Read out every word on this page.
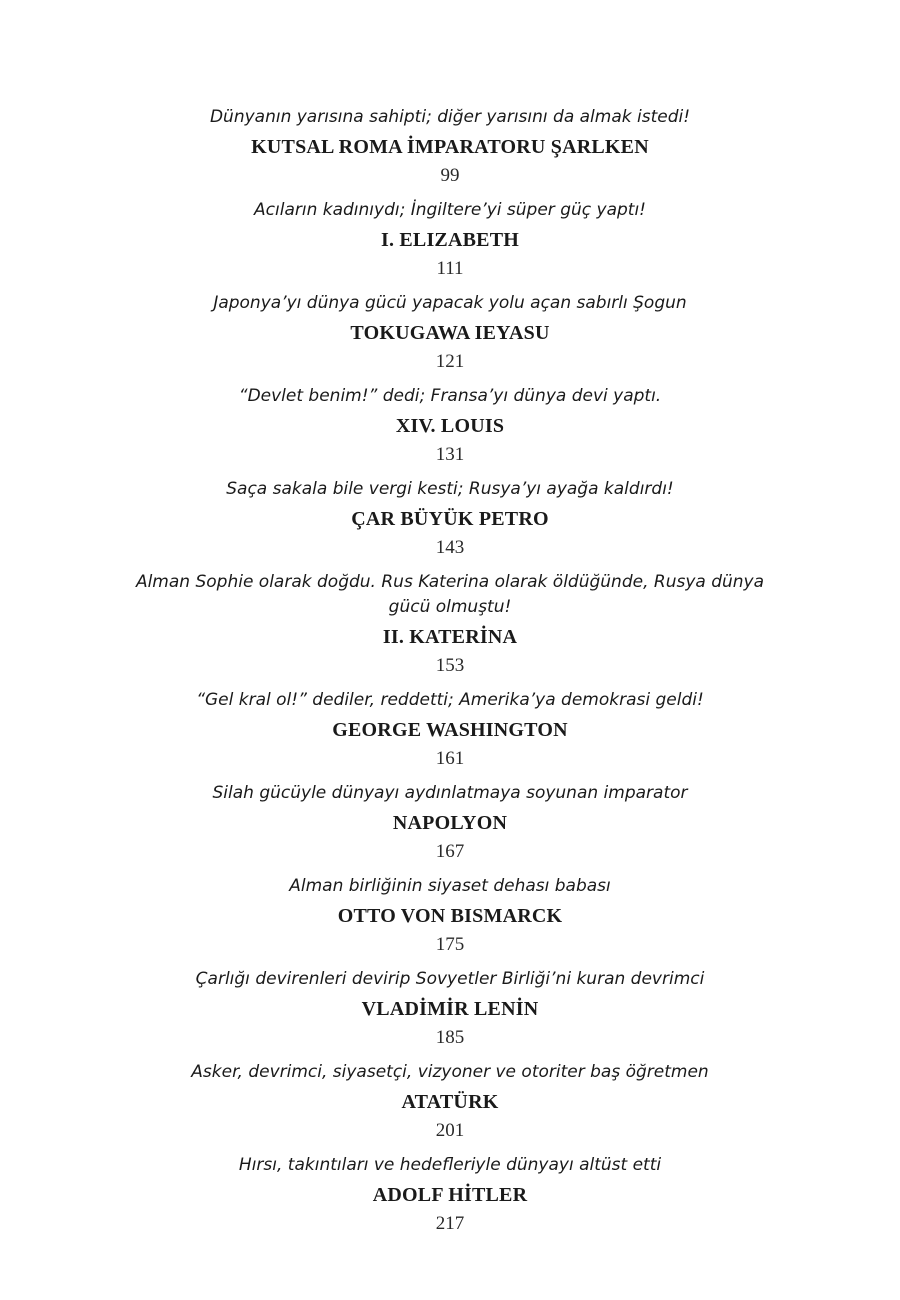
Dünyanın yarısına sahipti; diğer yarısını da almak istedi!
KUTSAL ROMA İMPARATORU ŞARLKEN
99
Acıların kadınıydı; İngiltere’yi süper güç yaptı!
I. ELIZABETH
111
Japonya’yı dünya gücü yapacak yolu açan sabırlı Şogun
TOKUGAWA IEYASU
121
“Devlet benim!” dedi; Fransa’yı dünya devi yaptı.
XIV. LOUIS
131
Saça sakala bile vergi kesti; Rusya’yı ayağa kaldırdı!
ÇAR BÜYÜK PETRO
143
Alman Sophie olarak doğdu. Rus Katerina olarak öldüğünde, Rusya dünya gücü olmuştu!
II. KATERİNA
153
“Gel kral ol!” dediler, reddetti; Amerika’ya demokrasi geldi!
GEORGE WASHINGTON
161
Silah gücüyle dünyayı aydınlatmaya soyunan imparator
NAPOLYON
167
Alman birliğinin siyaset dehası babası
OTTO VON BISMARCK
175
Çarlığı devirenleri devirip Sovyetler Birliği’ni kuran devrimci
VLADİMİR LENİN
185
Asker, devrimci, siyasetçi, vizyoner ve otoriter baş öğretmen
ATATÜRK
201
Hırsı, takıntıları ve hedefleriyle dünyayı altüst etti
ADOLF HİTLER
217
